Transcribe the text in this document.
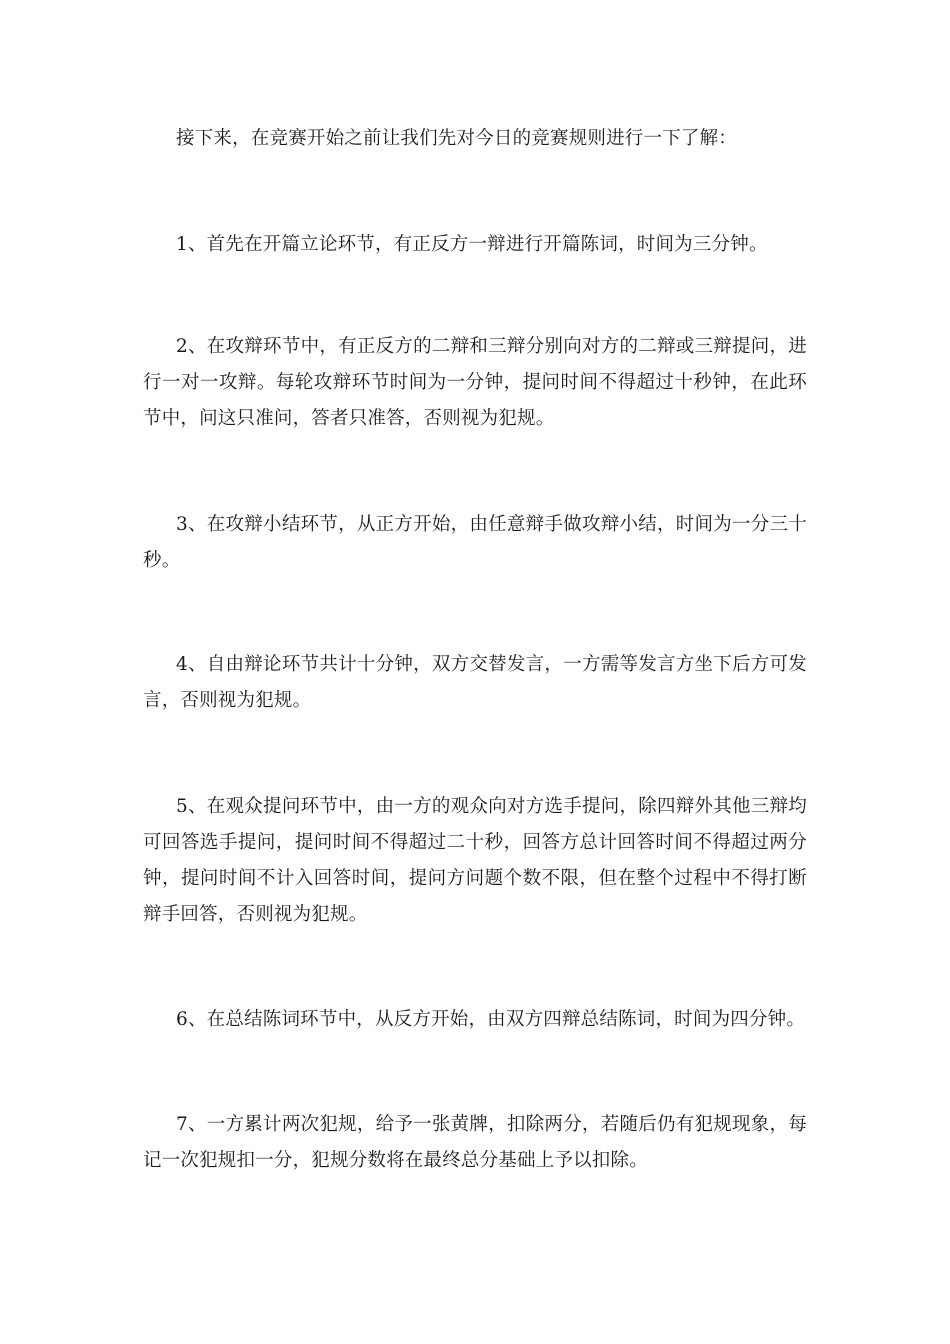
接下来，在竞赛开始之前让我们先对今日的竞赛规则进行一下了解：

1、首先在开篇立论环节，有正反方一辩进行开篇陈词，时间为三分钟。

2、在攻辩环节中，有正反方的二辩和三辩分别向对方的二辩或三辩提问，进行一对一攻辩。每轮攻辩环节时间为一分钟，提问时间不得超过十秒钟，在此环节中，问这只准问，答者只准答，否则视为犯规。

3、在攻辩小结环节，从正方开始，由任意辩手做攻辩小结，时间为一分三十秒。

4、自由辩论环节共计十分钟，双方交替发言，一方需等发言方坐下后方可发言，否则视为犯规。

5、在观众提问环节中，由一方的观众向对方选手提问，除四辩外其他三辩均可回答选手提问，提问时间不得超过二十秒，回答方总计回答时间不得超过两分钟，提问时间不计入回答时间，提问方问题个数不限，但在整个过程中不得打断辩手回答，否则视为犯规。

6、在总结陈词环节中，从反方开始，由双方四辩总结陈词，时间为四分钟。

7、一方累计两次犯规，给予一张黄牌，扣除两分，若随后仍有犯规现象，每记一次犯规扣一分，犯规分数将在最终总分基础上予以扣除。
